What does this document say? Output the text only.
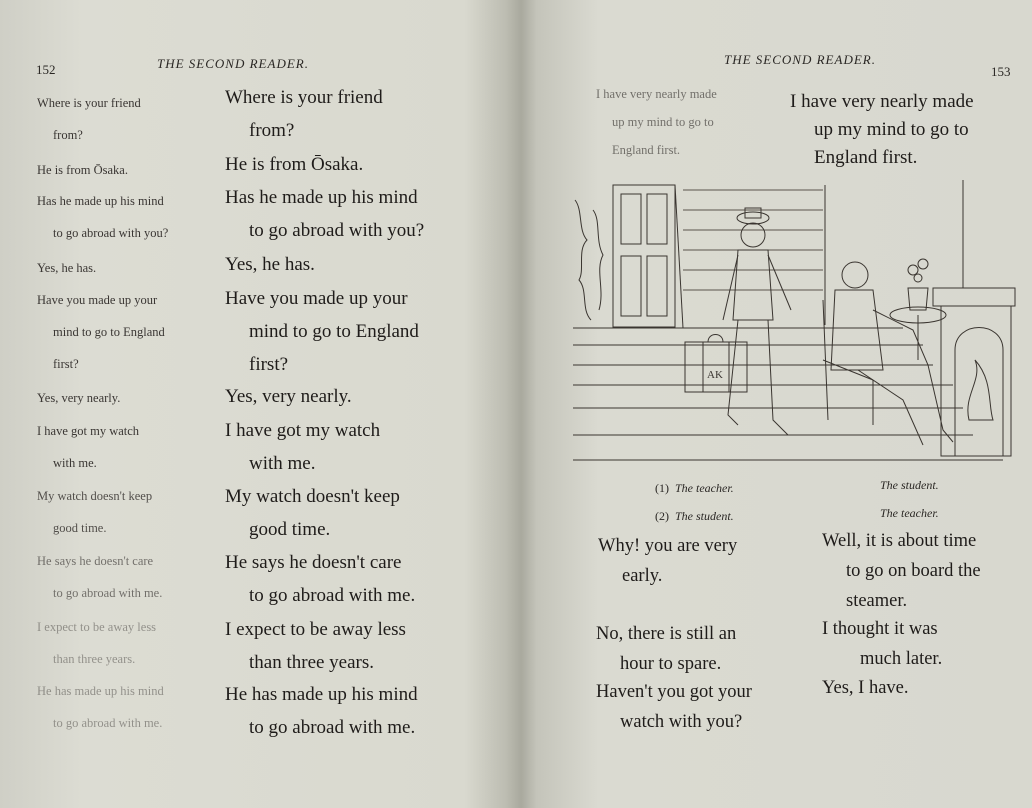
152	THE SECOND READER.
Where is your friend
from?
Where is your friend
from?
He is from Ōsaka.	He is from Ōsaka.
Has he made up his mind
to go abroad with you?
Has he made up his mind
to go abroad with you?
Yes, he has.	Yes, he has.
Have you made up your
mind to go to England
first?
Have you made up your
mind to go to England
first?
Yes, very nearly.	Yes, very nearly.
I have got my watch
with me.
I have got my watch
with me.
My watch doesn't keep
good time.
My watch doesn't keep
good time.
He says he doesn't care
to go abroad with me.
He says he doesn't care
to go abroad with me.
I expect to be away less
than three years.
I expect to be away less
than three years.
He has made up his mind
to go abroad with me.
He has made up his mind
to go abroad with me.
THE SECOND READER.
153
I have very nearly made
up my mind to go to
England first.
I have very nearly made
up my mind to go to
England first.
AK
(1) The teacher.	The student.
(2) The student.	The teacher.
Why! you are very
early.
No, there is still an
hour to spare.
Haven't you got your
watch with you?
Well, it is about time
to go on board the
steamer.
I thought it was
much later.
Yes, I have.
